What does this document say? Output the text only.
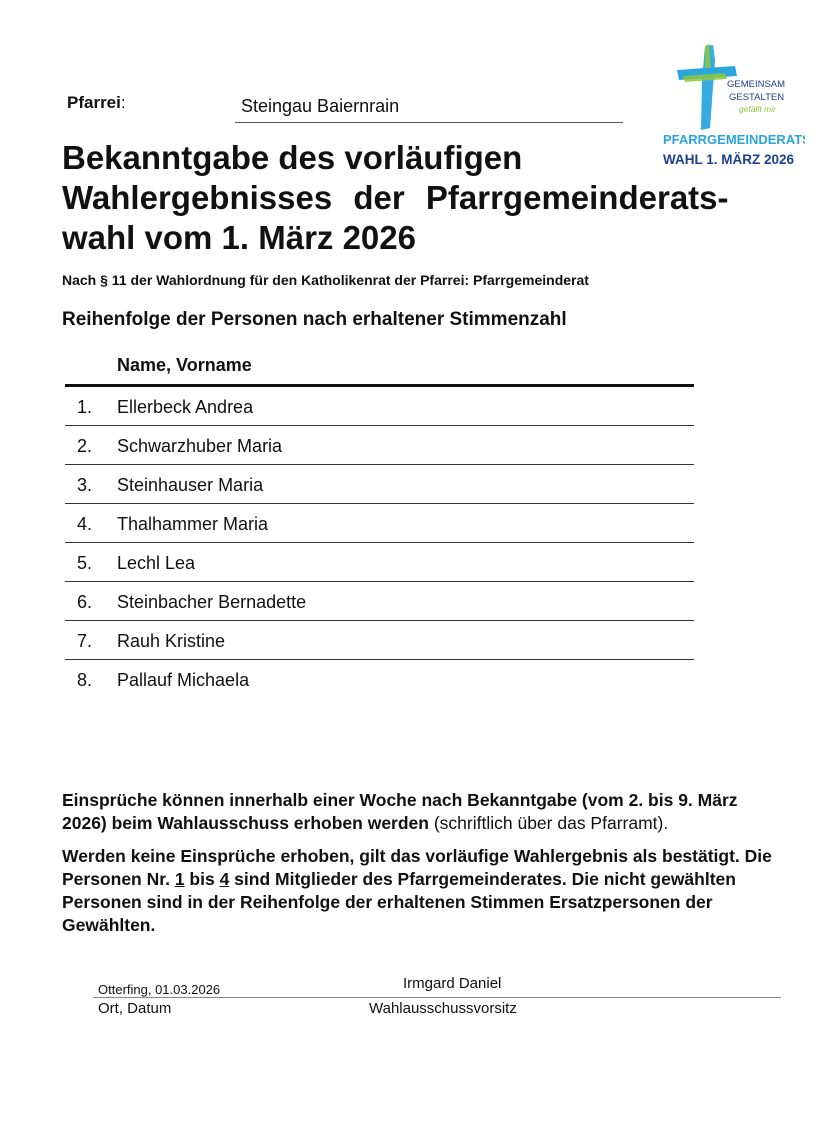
Pfarrei:	Steingau Baiernrain
GEMEINSAM
GESTALTEN
gefällt mir
PFARRGEMEINDERATS-
WAHL 1. MÄRZ 2026
Bekanntgabe des vorläufigen
Wahlergebnisses der Pfarrgemeinderats-
wahl vom 1. März 2026
Nach § 11 der Wahlordnung für den Katholikenrat der Pfarrei: Pfarrgemeinderat
Reihenfolge der Personen nach erhaltener Stimmenzahl
Name, Vorname
1. Ellerbeck Andrea
2. Schwarzhuber Maria
3. Steinhauser Maria
4. Thalhammer Maria
5. Lechl Lea
6. Steinbacher Bernadette
7. Rauh Kristine
8. Pallauf Michaela

Einsprüche können innerhalb einer Woche nach Bekanntgabe (vom 2. bis 9. März 2026) beim Wahlausschuss erhoben werden (schriftlich über das Pfarramt).

Werden keine Einsprüche erhoben, gilt das vorläufige Wahlergebnis als bestätigt. Die Personen Nr. 1 bis 4 sind Mitglieder des Pfarrgemeinderates. Die nicht gewählten Personen sind in der Reihenfolge der erhaltenen Stimmen Ersatzpersonen der Gewählten.

Otterfing, 01.03.2026	Irmgard Daniel
Ort, Datum	Wahlausschussvorsitz
